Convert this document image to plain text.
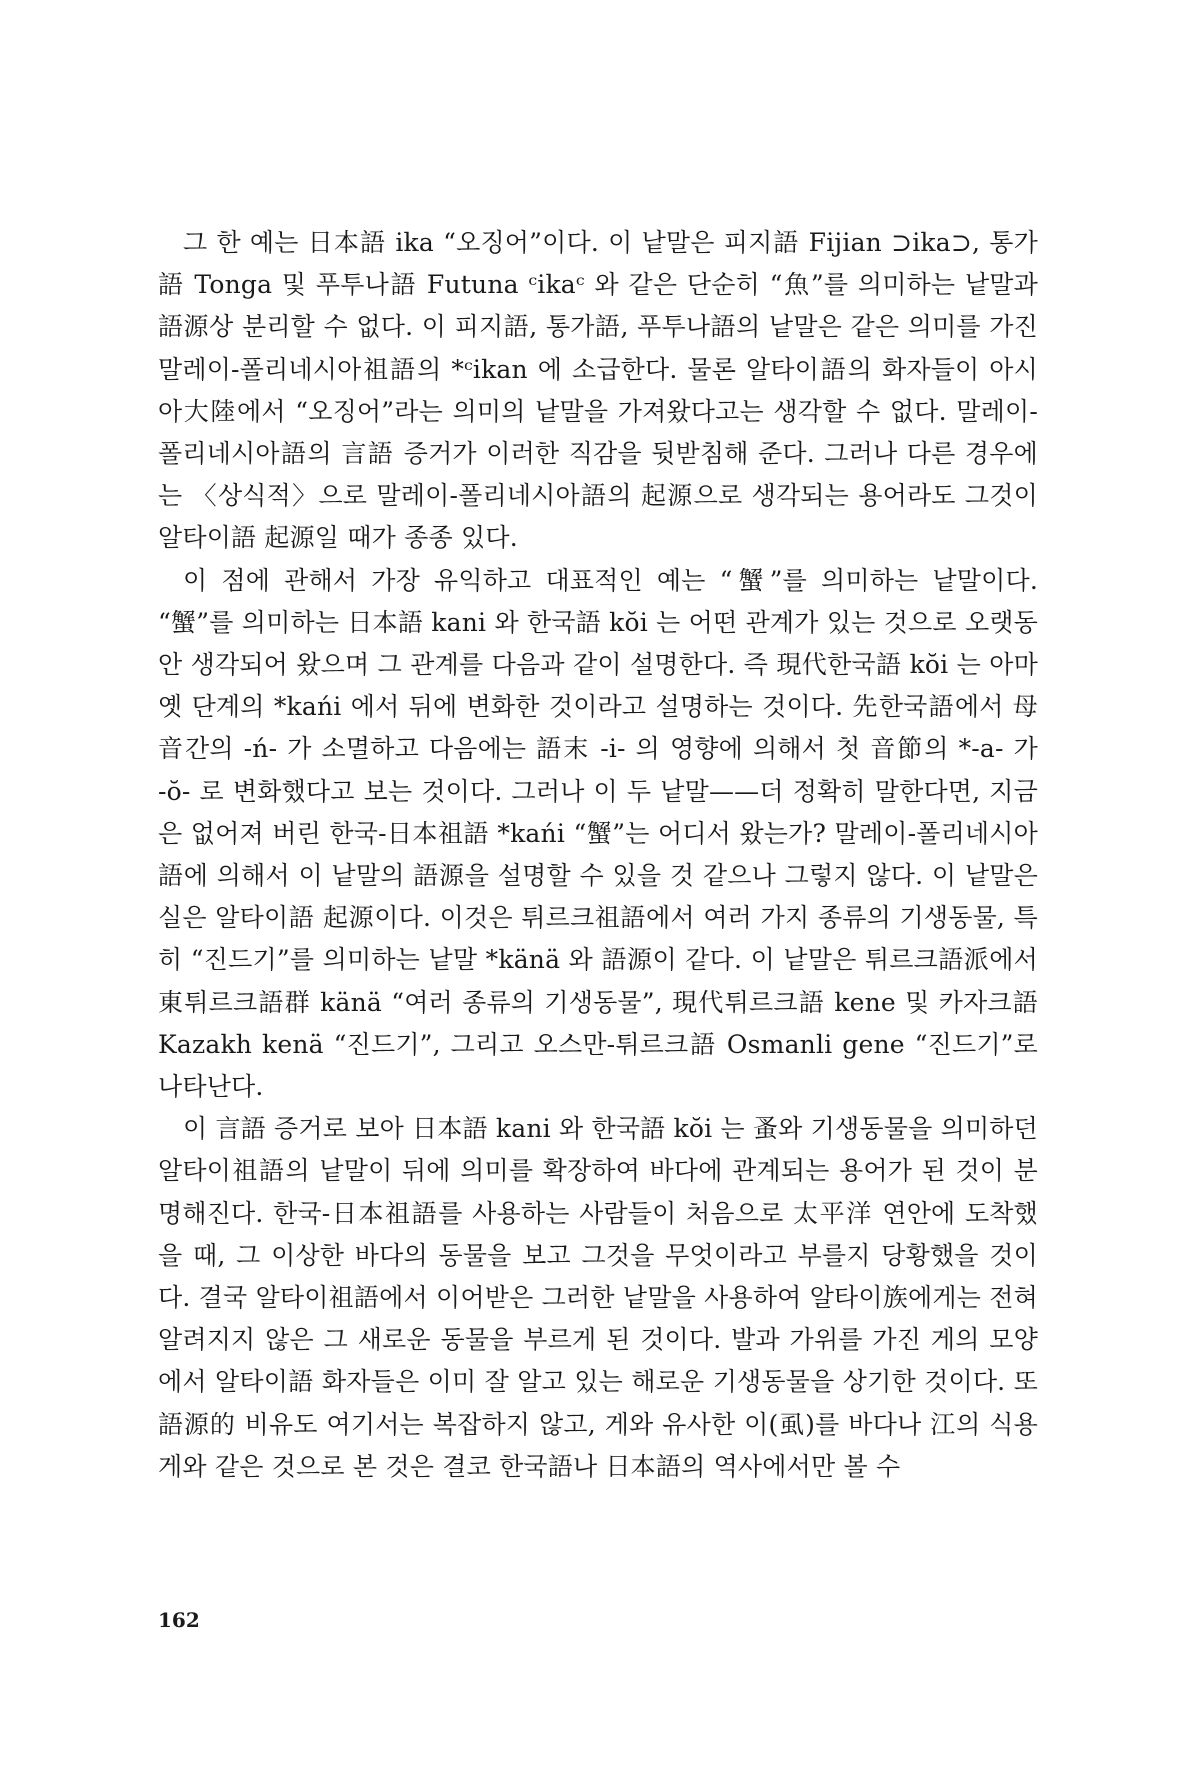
그 한 예는 日本語 ika “오징어”이다. 이 낱말은 피지語 Fijian ⊃ika⊃, 통가語 Tonga 및 푸투나語 Futuna ᶜikaᶜ 와 같은 단순히 “魚”를 의미하는 낱말과 語源상 분리할 수 없다. 이 피지語, 통가語, 푸투나語의 낱말은 같은 의미를 가진 말레이-폴리네시아祖語의 *ᶜikan 에 소급한다. 물론 알타이語의 화자들이 아시아大陸에서 “오징어”라는 의미의 낱말을 가져왔다고는 생각할 수 없다. 말레이-폴리네시아語의 言語 증거가 이러한 직감을 뒷받침해 준다. 그러나 다른 경우에는 〈상식적〉으로 말레이-폴리네시아語의 起源으로 생각되는 용어라도 그것이 알타이語 起源일 때가 종종 있다.

이 점에 관해서 가장 유익하고 대표적인 예는 “蟹”를 의미하는 낱말이다. “蟹”를 의미하는 日本語 kani 와 한국語 kŏi 는 어떤 관계가 있는 것으로 오랫동안 생각되어 왔으며 그 관계를 다음과 같이 설명한다. 즉 現代한국語 kŏi 는 아마 옛 단계의 *kańi 에서 뒤에 변화한 것이라고 설명하는 것이다. 先한국語에서 母音간의 -ń- 가 소멸하고 다음에는 語末 -i- 의 영향에 의해서 첫 音節의 *-a- 가 -ŏ- 로 변화했다고 보는 것이다. 그러나 이 두 낱말——더 정확히 말한다면, 지금은 없어져 버린 한국-日本祖語 *kańi “蟹”는 어디서 왔는가? 말레이-폴리네시아語에 의해서 이 낱말의 語源을 설명할 수 있을 것 같으나 그렇지 않다. 이 낱말은 실은 알타이語 起源이다. 이것은 튀르크祖語에서 여러 가지 종류의 기생동물, 특히 “진드기”를 의미하는 낱말 *känä 와 語源이 같다. 이 낱말은 튀르크語派에서 東튀르크語群 känä “여러 종류의 기생동물”, 現代튀르크語 kene 및 카자크語 Kazakh kenä “진드기”, 그리고 오스만-튀르크語 Osmanli gene “진드기”로 나타난다.

이 言語 증거로 보아 日本語 kani 와 한국語 kŏi 는 蚤와 기생동물을 의미하던 알타이祖語의 낱말이 뒤에 의미를 확장하여 바다에 관계되는 용어가 된 것이 분명해진다. 한국-日本祖語를 사용하는 사람들이 처음으로 太平洋 연안에 도착했을 때, 그 이상한 바다의 동물을 보고 그것을 무엇이라고 부를지 당황했을 것이다. 결국 알타이祖語에서 이어받은 그러한 낱말을 사용하여 알타이族에게는 전혀 알려지지 않은 그 새로운 동물을 부르게 된 것이다. 발과 가위를 가진 게의 모양에서 알타이語 화자들은 이미 잘 알고 있는 해로운 기생동물을 상기한 것이다. 또 語源的 비유도 여기서는 복잡하지 않고, 게와 유사한 이(虱)를 바다나 江의 식용 게와 같은 것으로 본 것은 결코 한국語나 日本語의 역사에서만 볼 수

162
